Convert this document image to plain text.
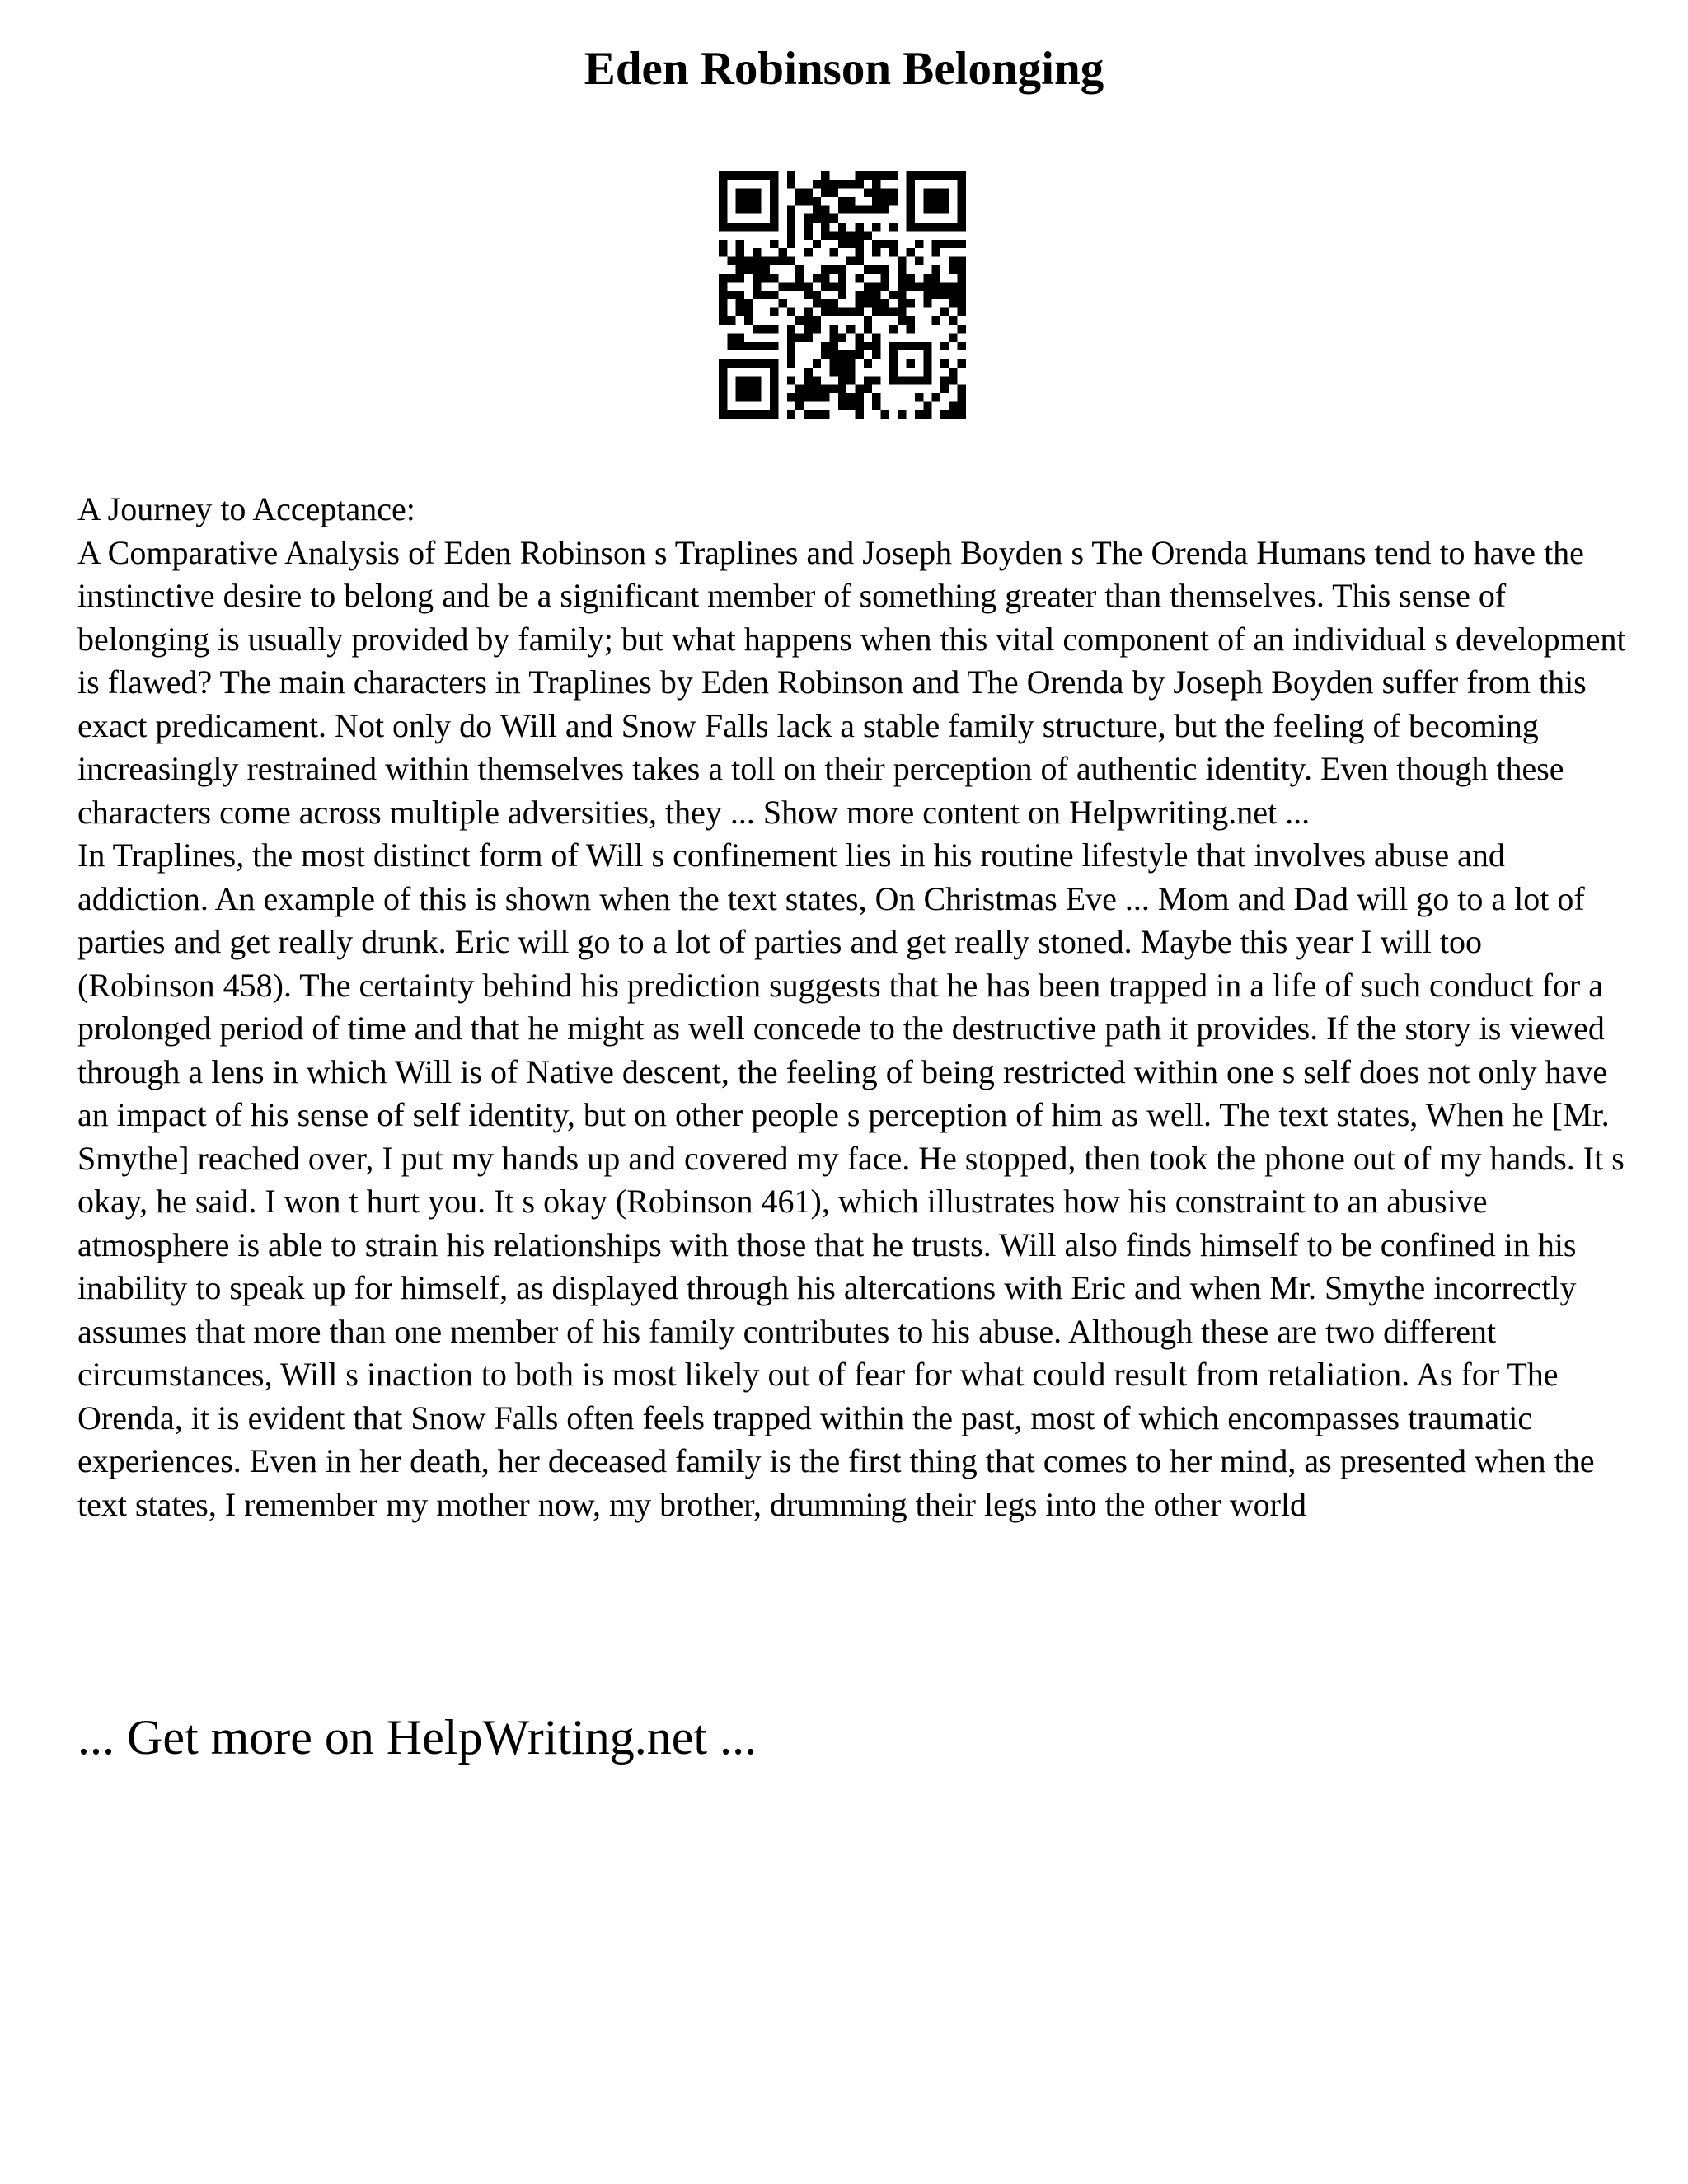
Eden Robinson Belonging

A Journey to Acceptance:

A Comparative Analysis of Eden Robinson s Traplines and Joseph Boyden s The Orenda Humans tend to have the instinctive desire to belong and be a significant member of something greater than themselves. This sense of belonging is usually provided by family; but what happens when this vital component of an individual s development is flawed? The main characters in Traplines by Eden Robinson and The Orenda by Joseph Boyden suffer from this exact predicament. Not only do Will and Snow Falls lack a stable family structure, but the feeling of becoming increasingly restrained within themselves takes a toll on their perception of authentic identity. Even though these characters come across multiple adversities, they ... Show more content on Helpwriting.net ...

In Traplines, the most distinct form of Will s confinement lies in his routine lifestyle that involves abuse and addiction. An example of this is shown when the text states, On Christmas Eve ... Mom and Dad will go to a lot of parties and get really drunk. Eric will go to a lot of parties and get really stoned. Maybe this year I will too (Robinson 458). The certainty behind his prediction suggests that he has been trapped in a life of such conduct for a prolonged period of time and that he might as well concede to the destructive path it provides. If the story is viewed through a lens in which Will is of Native descent, the feeling of being restricted within one s self does not only have an impact of his sense of self identity, but on other people s perception of him as well. The text states, When he [Mr. Smythe] reached over, I put my hands up and covered my face. He stopped, then took the phone out of my hands. It s okay, he said. I won t hurt you. It s okay (Robinson 461), which illustrates how his constraint to an abusive atmosphere is able to strain his relationships with those that he trusts. Will also finds himself to be confined in his inability to speak up for himself, as displayed through his altercations with Eric and when Mr. Smythe incorrectly assumes that more than one member of his family contributes to his abuse. Although these are two different circumstances, Will s inaction to both is most likely out of fear for what could result from retaliation. As for The Orenda, it is evident that Snow Falls often feels trapped within the past, most of which encompasses traumatic experiences. Even in her death, her deceased family is the first thing that comes to her mind, as presented when the text states, I remember my mother now, my brother, drumming their legs into the other world

... Get more on HelpWriting.net ...
